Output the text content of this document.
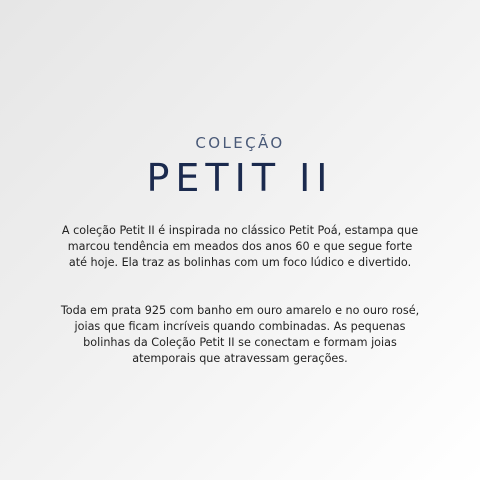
COLEÇÃO
PETIT II

A coleção Petit II é inspirada no clássico Petit Poá, estampa que marcou tendência em meados dos anos 60 e que segue forte até hoje. Ela traz as bolinhas com um foco lúdico e divertido.

Toda em prata 925 com banho em ouro amarelo e no ouro rosé, joias que ficam incríveis quando combinadas. As pequenas bolinhas da Coleção Petit II se conectam e formam joias atemporais que atravessam gerações.
